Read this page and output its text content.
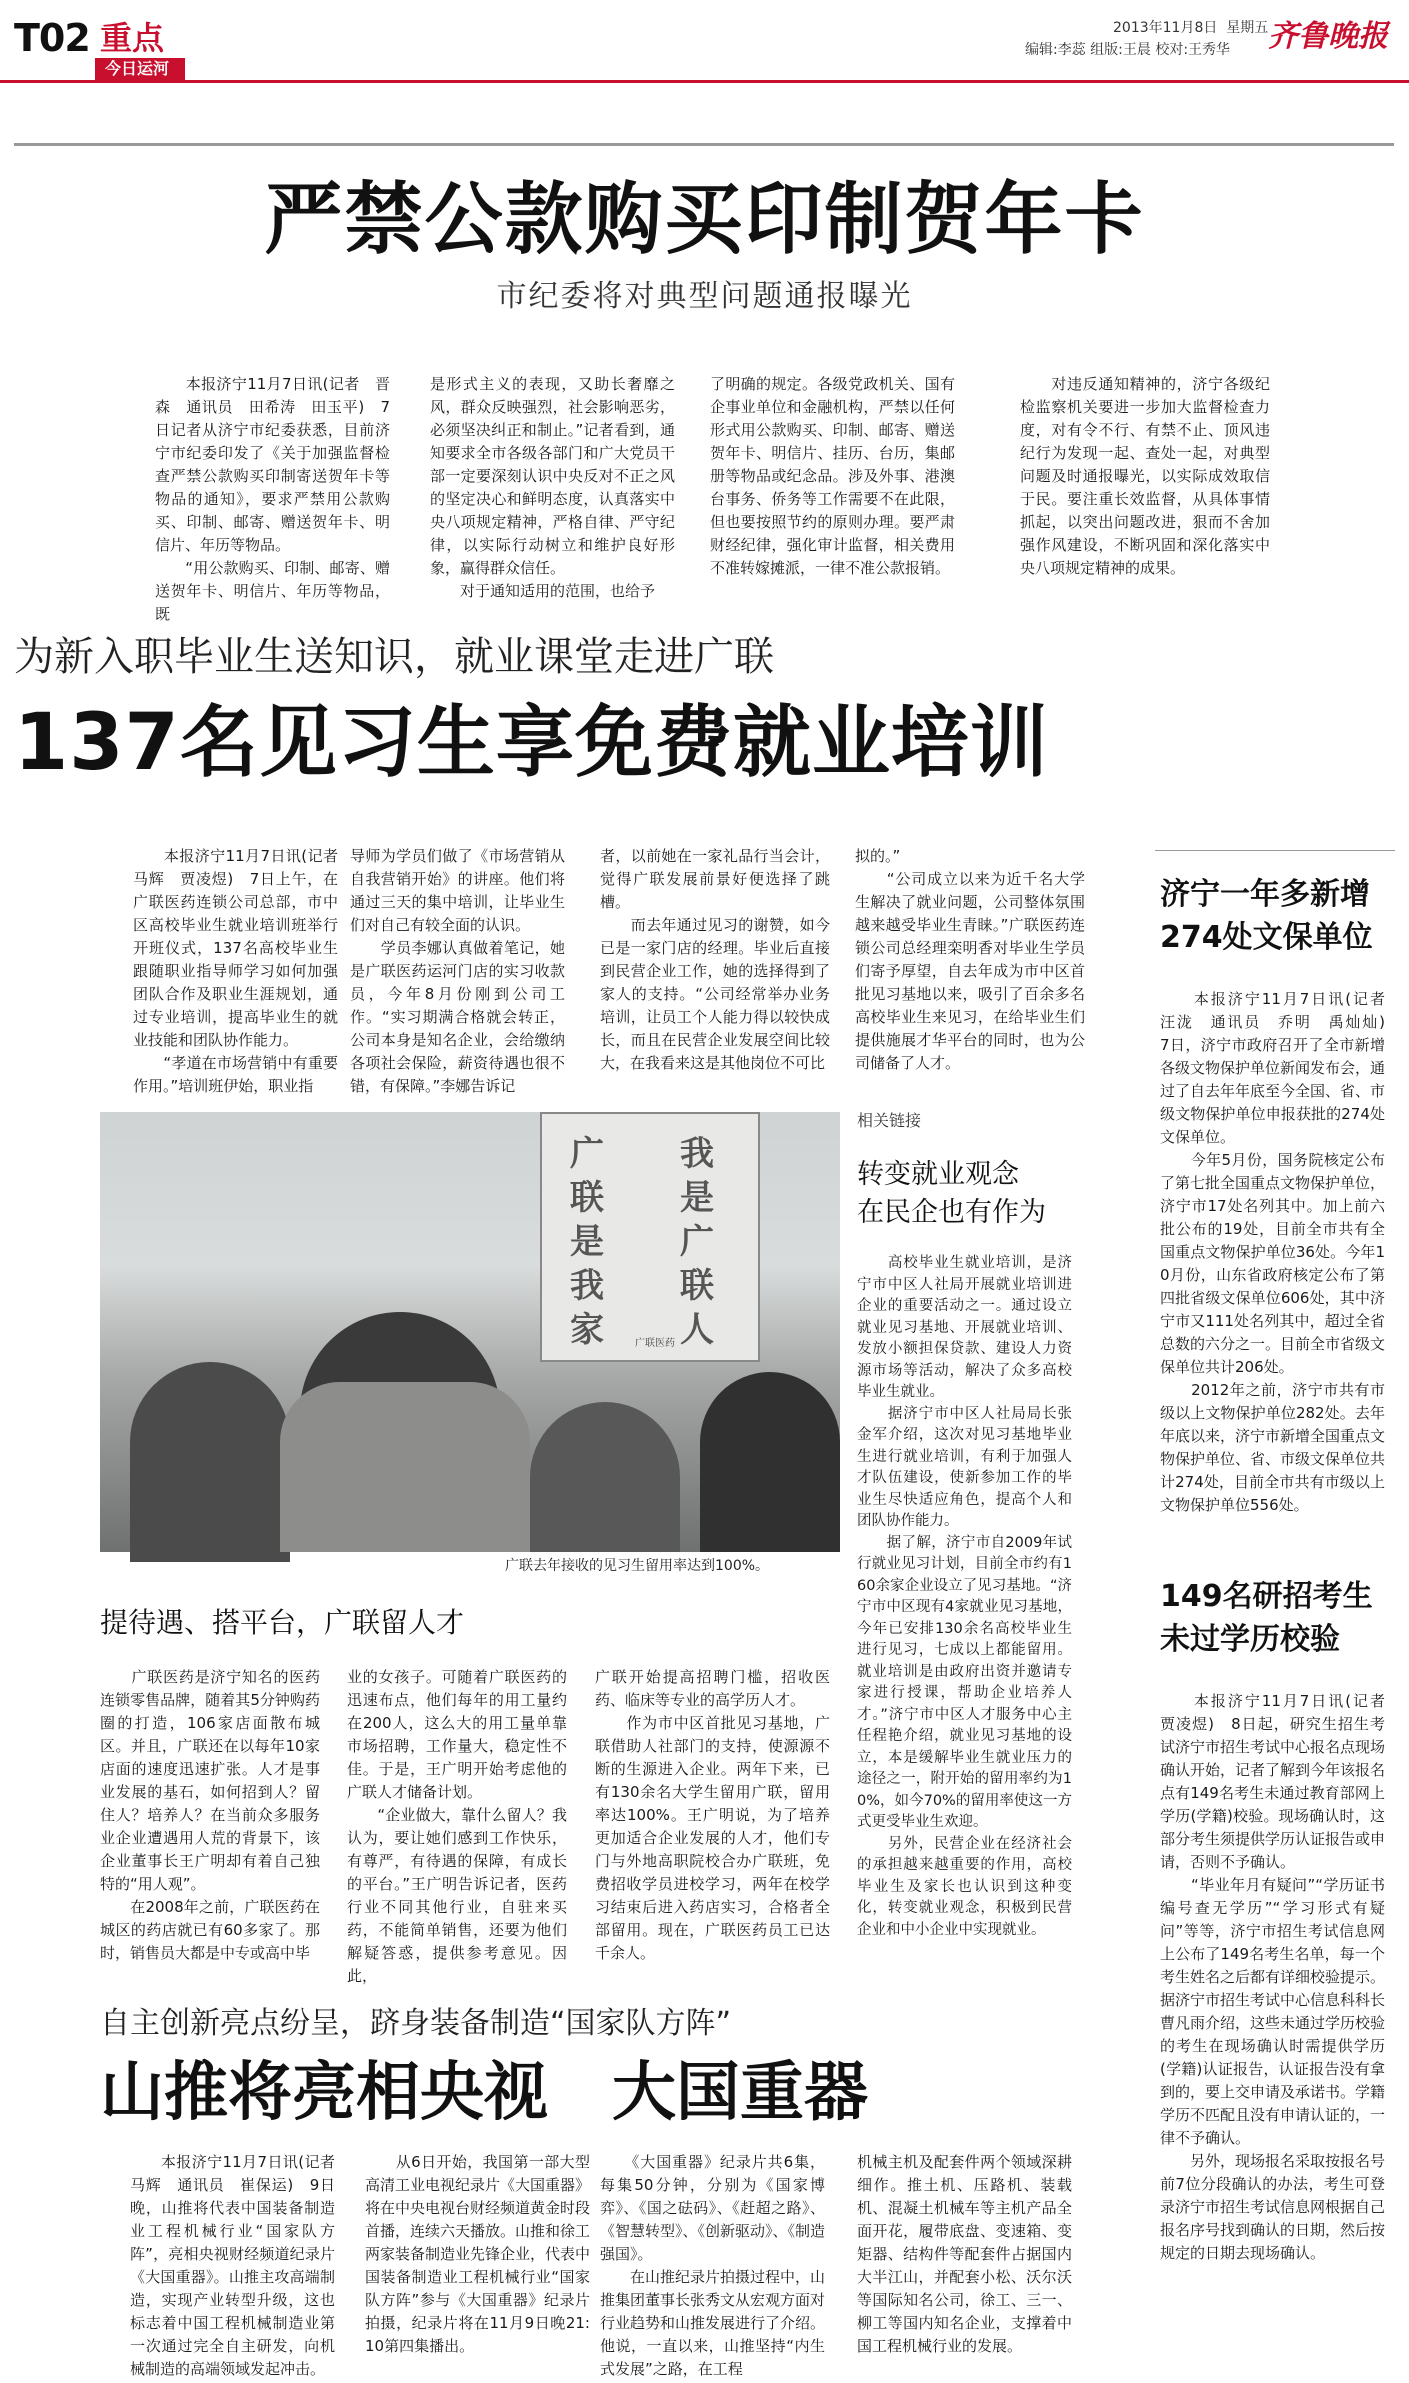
T02 重点
今日运河
2013年11月8日 星期五
编辑:李蕊 组版:王晨 校对:王秀华 齐鲁晚报
严禁公款购买印制贺年卡
市纪委将对典型问题通报曝光
　　本报济宁11月7日讯(记者　晋森　通讯员　田希涛　田玉平)　7日记者从济宁市纪委获悉，目前济宁市纪委印发了《关于加强监督检查严禁公款购买印制寄送贺年卡等物品的通知》，要求严禁用公款购买、印制、邮寄、赠送贺年卡、明信片、年历等物品。
　　“用公款购买、印制、邮寄、赠送贺年卡、明信片、年历等物品，既
是形式主义的表现，又助长奢靡之风，群众反映强烈，社会影响恶劣，必须坚决纠正和制止。”记者看到，通知要求全市各级各部门和广大党员干部一定要深刻认识中央反对不正之风的坚定决心和鲜明态度，认真落实中央八项规定精神，严格自律、严守纪律，以实际行动树立和维护良好形象，赢得群众信任。
　　对于通知适用的范围，也给予
了明确的规定。各级党政机关、国有企事业单位和金融机构，严禁以任何形式用公款购买、印制、邮寄、赠送贺年卡、明信片、挂历、台历，集邮册等物品或纪念品。涉及外事、港澳台事务、侨务等工作需要不在此限，但也要按照节约的原则办理。要严肃财经纪律，强化审计监督，相关费用不准转嫁摊派，一律不准公款报销。
　　对违反通知精神的，济宁各级纪检监察机关要进一步加大监督检查力度，对有令不行、有禁不止、顶风违纪行为发现一起、查处一起，对典型问题及时通报曝光，以实际成效取信于民。要注重长效监督，从具体事情抓起，以突出问题改进，狠而不舍加强作风建设，不断巩固和深化落实中央八项规定精神的成果。
为新入职毕业生送知识，就业课堂走进广联
137名见习生享免费就业培训
　　本报济宁11月7日讯(记者　马辉　贾凌煜)　7日上午，在广联医药连锁公司总部，市中区高校毕业生就业培训班举行开班仪式，137名高校毕业生跟随职业指导师学习如何加强团队合作及职业生涯规划，通过专业培训，提高毕业生的就业技能和团队协作能力。
　　“孝道在市场营销中有重要作用。”培训班伊始，职业指
导师为学员们做了《市场营销从自我营销开始》的讲座。他们将通过三天的集中培训，让毕业生们对自己有较全面的认识。
　　学员李娜认真做着笔记，她是广联医药运河门店的实习收款员，今年8月份刚到公司工作。“实习期满合格就会转正，公司本身是知名企业，会给缴纳各项社会保险，薪资待遇也很不错，有保障。”李娜告诉记
者，以前她在一家礼品行当会计，觉得广联发展前景好便选择了跳槽。
　　而去年通过见习的谢赞，如今已是一家门店的经理。毕业后直接到民营企业工作，她的选择得到了家人的支持。“公司经常举办业务培训，让员工个人能力得以较快成长，而且在民营企业发展空间比较大，在我看来这是其他岗位不可比
拟的。”
　　“公司成立以来为近千名大学生解决了就业问题，公司整体氛围越来越受毕业生青睐。”广联医药连锁公司总经理栾明香对毕业生学员们寄予厚望，自去年成为市中区首批见习基地以来，吸引了百余多名高校毕业生来见习，在给毕业生们提供施展才华平台的同时，也为公司储备了人才。
广联是我家
我是广联人
广联医药
广联去年接收的见习生留用率达到100%。
相关链接
转变就业观念
在民企也有作为
　　高校毕业生就业培训，是济宁市中区人社局开展就业培训进企业的重要活动之一。通过设立就业见习基地、开展就业培训、发放小额担保贷款、建设人力资源市场等活动，解决了众多高校毕业生就业。
　　据济宁市中区人社局局长张金军介绍，这次对见习基地毕业生进行就业培训，有利于加强人才队伍建设，使新参加工作的毕业生尽快适应角色，提高个人和团队协作能力。
　　据了解，济宁市自2009年试行就业见习计划，目前全市约有160余家企业设立了见习基地。“济宁市中区现有4家就业见习基地，今年已安排130余名高校毕业生进行见习，七成以上都能留用。就业培训是由政府出资并邀请专家进行授课，帮助企业培养人才。”济宁市中区人才服务中心主任程艳介绍，就业见习基地的设立，本是缓解毕业生就业压力的途径之一，附开始的留用率约为10%，如今70%的留用率使这一方式更受毕业生欢迎。
　　另外，民营企业在经济社会的承担越来越重要的作用，高校毕业生及家长也认识到这种变化，转变就业观念，积极到民营企业和中小企业中实现就业。
提待遇、搭平台，广联留人才
　　广联医药是济宁知名的医药连锁零售品牌，随着其5分钟购药圈的打造，106家店面散布城区。并且，广联还在以每年10家店面的速度迅速扩张。人才是事业发展的基石，如何招到人？留住人？培养人？在当前众多服务业企业遭遇用人荒的背景下，该企业董事长王广明却有着自己独特的“用人观”。
　　在2008年之前，广联医药在城区的药店就已有60多家了。那时，销售员大都是中专或高中毕
业的女孩子。可随着广联医药的迅速布点，他们每年的用工量约在200人，这么大的用工量单靠市场招聘，工作量大，稳定性不佳。于是，王广明开始考虑他的广联人才储备计划。
　　“企业做大，靠什么留人？我认为，要让她们感到工作快乐，有尊严，有待遇的保障，有成长的平台。”王广明告诉记者，医药行业不同其他行业，自驻来买药，不能简单销售，还要为他们解疑答惑，提供参考意见。因此，
广联开始提高招聘门槛，招收医药、临床等专业的高学历人才。
　　作为市中区首批见习基地，广联借助人社部门的支持，使源源不断的生源进入企业。两年下来，已有130余名大学生留用广联，留用率达100%。王广明说，为了培养更加适合企业发展的人才，他们专门与外地高职院校合办广联班，免费招收学员进校学习，两年在校学习结束后进入药店实习，合格者全部留用。现在，广联医药员工已达千余人。
自主创新亮点纷呈，跻身装备制造“国家队方阵”
山推将亮相央视　大国重器
　　本报济宁11月7日讯(记者　马辉　通讯员　崔保运)　9日晚，山推将代表中国装备制造业工程机械行业“国家队方阵”，亮相央视财经频道纪录片《大国重器》。山推主攻高端制造，实现产业转型升级，这也标志着中国工程机械制造业第一次通过完全自主研发，向机械制造的高端领域发起冲击。
　　从6日开始，我国第一部大型高清工业电视纪录片《大国重器》将在中央电视台财经频道黄金时段首播，连续六天播放。山推和徐工两家装备制造业先锋企业，代表中国装备制造业工程机械行业“国家队方阵”参与《大国重器》纪录片拍摄，纪录片将在11月9日晚21:10第四集播出。
　　《大国重器》纪录片共6集，每集50分钟，分别为《国家博弈》、《国之砝码》、《赶超之路》、《智慧转型》、《创新驱动》、《制造强国》。
　　在山推纪录片拍摄过程中，山推集团董事长张秀文从宏观方面对行业趋势和山推发展进行了介绍。他说，一直以来，山推坚持“内生式发展”之路，在工程
机械主机及配套件两个领域深耕细作。推土机、压路机、装载机、混凝土机械车等主机产品全面开花，履带底盘、变速箱、变矩器、结构件等配套件占据国内大半江山，并配套小松、沃尔沃等国际知名公司，徐工、三一、柳工等国内知名企业，支撑着中国工程机械行业的发展。
济宁一年多新增
274处文保单位
　　本报济宁11月7日讯(记者　汪泷　通讯员　乔明　禹灿灿)　7日，济宁市政府召开了全市新增各级文物保护单位新闻发布会，通过了自去年年底至今全国、省、市级文物保护单位申报获批的274处文保单位。
　　今年5月份，国务院核定公布了第七批全国重点文物保护单位，济宁市17处名列其中。加上前六批公布的19处，目前全市共有全国重点文物保护单位36处。今年10月份，山东省政府核定公布了第四批省级文保单位606处，其中济宁市又111处名列其中，超过全省总数的六分之一。目前全市省级文保单位共计206处。
　　2012年之前，济宁市共有市级以上文物保护单位282处。去年年底以来，济宁市新增全国重点文物保护单位、省、市级文保单位共计274处，目前全市共有市级以上文物保护单位556处。
149名研招考生
未过学历校验
　　本报济宁11月7日讯(记者　贾凌煜)　8日起，研究生招生考试济宁市招生考试中心报名点现场确认开始，记者了解到今年该报名点有149名考生未通过教育部网上学历(学籍)校验。现场确认时，这部分考生须提供学历认证报告或申请，否则不予确认。
　　“毕业年月有疑问”“学历证书编号查无学历”“学习形式有疑问”等等，济宁市招生考试信息网上公布了149名考生名单，每一个考生姓名之后都有详细校验提示。据济宁市招生考试中心信息科科长曹凡雨介绍，这些未通过学历校验的考生在现场确认时需提供学历(学籍)认证报告，认证报告没有拿到的，要上交申请及承诺书。学籍学历不匹配且没有申请认证的，一律不予确认。
　　另外，现场报名采取按报名号前7位分段确认的办法，考生可登录济宁市招生考试信息网根据自己报名序号找到确认的日期，然后按规定的日期去现场确认。
